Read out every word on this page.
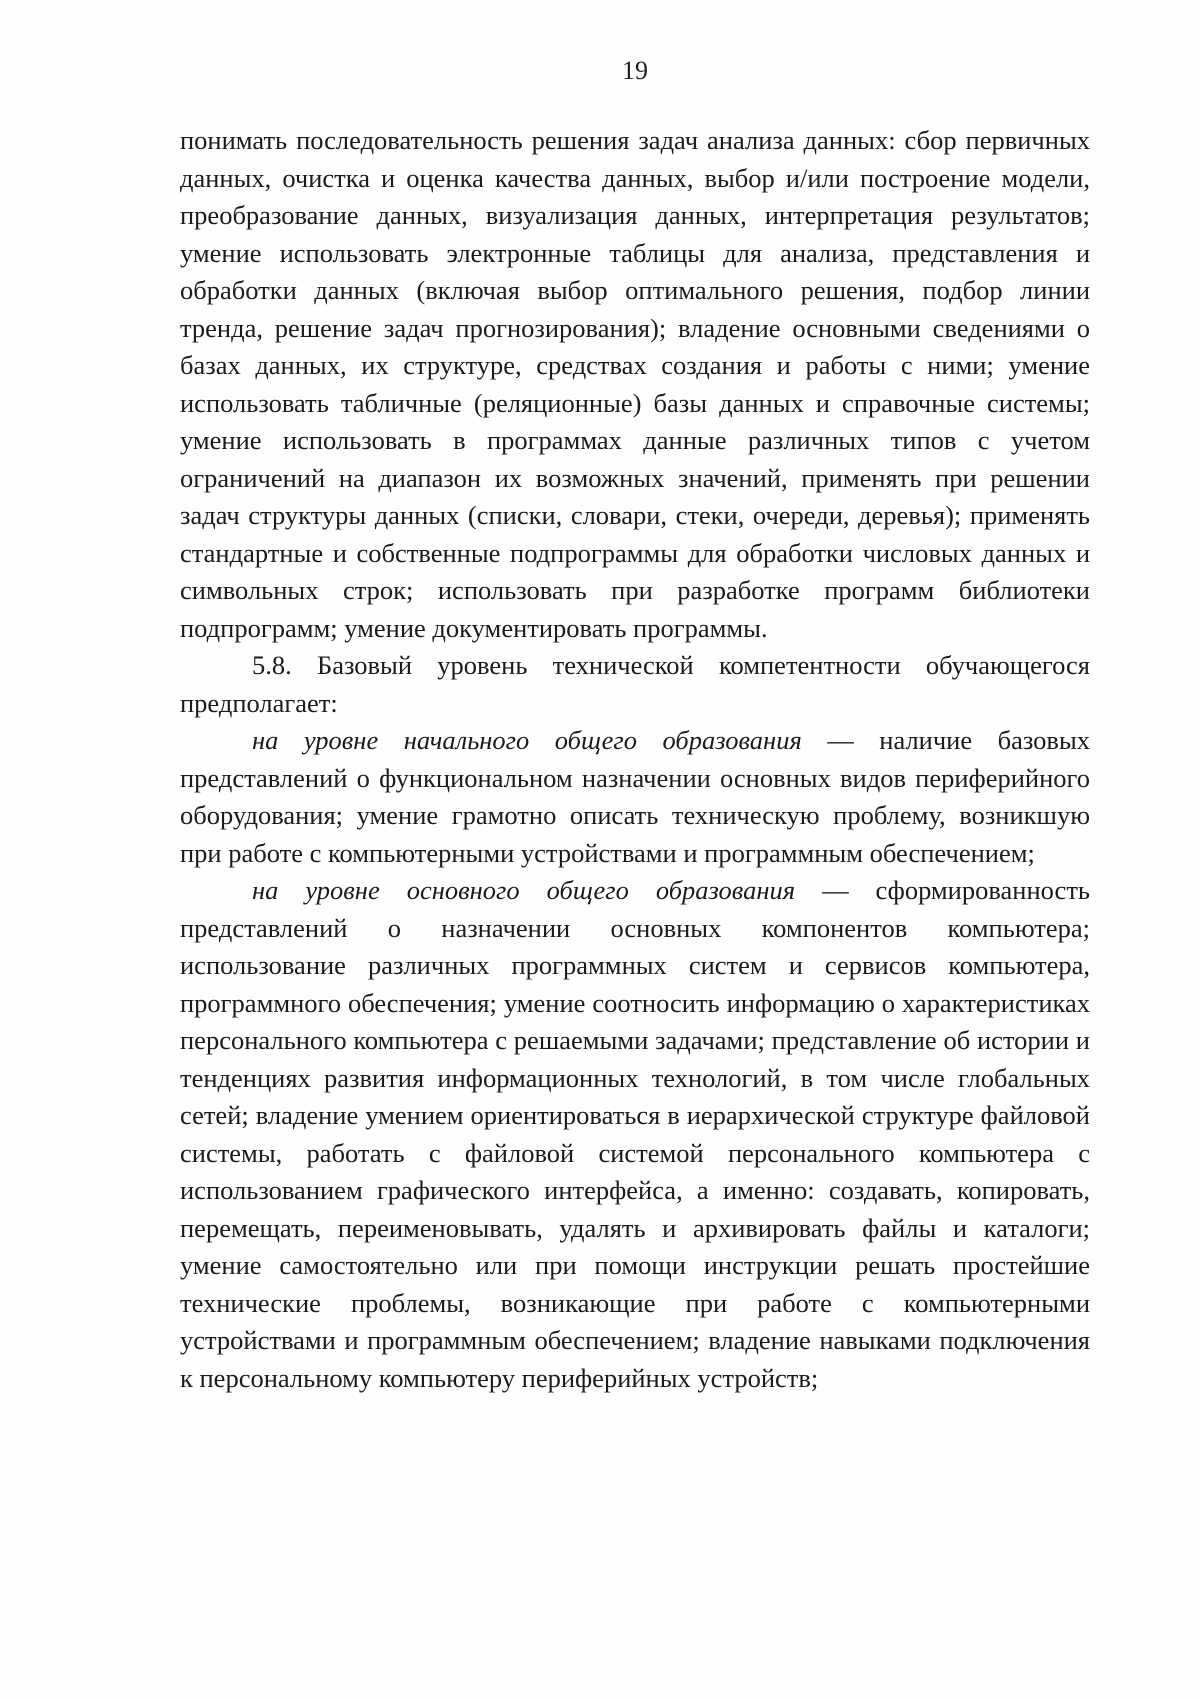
19

понимать последовательность решения задач анализа данных: сбор первичных данных, очистка и оценка качества данных, выбор и/или построение модели, преобразование данных, визуализация данных, интерпретация результатов; умение использовать электронные таблицы для анализа, представления и обработки данных (включая выбор оптимального решения, подбор линии тренда, решение задач прогнозирования); владение основными сведениями о базах данных, их структуре, средствах создания и работы с ними; умение использовать табличные (реляционные) базы данных и справочные системы; умение использовать в программах данные различных типов с учетом ограничений на диапазон их возможных значений, применять при решении задач структуры данных (списки, словари, стеки, очереди, деревья); применять стандартные и собственные подпрограммы для обработки числовых данных и символьных строк; использовать при разработке программ библиотеки подпрограмм; умение документировать программы.

5.8. Базовый уровень технической компетентности обучающегося предполагает:

на уровне начального общего образования — наличие базовых представлений о функциональном назначении основных видов периферийного оборудования; умение грамотно описать техническую проблему, возникшую при работе с компьютерными устройствами и программным обеспечением;

на уровне основного общего образования — сформированность представлений о назначении основных компонентов компьютера; использование различных программных систем и сервисов компьютера, программного обеспечения; умение соотносить информацию о характеристиках персонального компьютера с решаемыми задачами; представление об истории и тенденциях развития информационных технологий, в том числе глобальных сетей; владение умением ориентироваться в иерархической структуре файловой системы, работать с файловой системой персонального компьютера с использованием графического интерфейса, а именно: создавать, копировать, перемещать, переименовывать, удалять и архивировать файлы и каталоги; умение самостоятельно или при помощи инструкции решать простейшие технические проблемы, возникающие при работе с компьютерными устройствами и программным обеспечением; владение навыками подключения к персональному компьютеру периферийных устройств;
